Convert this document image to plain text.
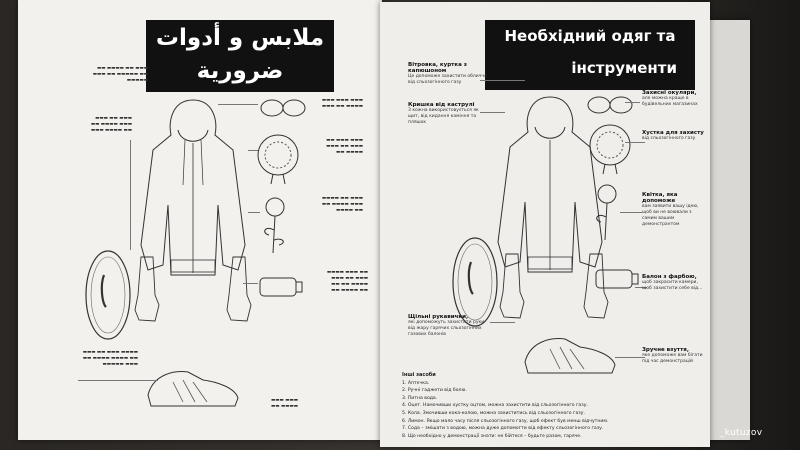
ملابس و أدوات
ضرورية
▬▬▬ ▬▬ ▬▬▬▬ ▬▬
▬▬ ▬▬▬▬▬ ▬▬ ▬▬▬
▬▬▬▬▬
▬▬▬ ▬▬ ▬▬▬
▬▬▬ ▬▬▬▬ ▬▬
▬▬ ▬▬▬▬ ▬▬▬
▬▬▬ ▬▬▬ ▬▬▬
▬▬▬▬ ▬▬ ▬▬▬
▬▬▬ ▬▬▬ ▬▬
▬▬▬ ▬▬ ▬▬▬
▬▬▬▬ ▬▬
▬▬▬ ▬▬ ▬▬▬▬
▬▬▬ ▬▬▬▬ ▬▬
▬▬ ▬▬▬▬
▬▬ ▬▬▬ ▬▬▬▬
▬▬▬ ▬▬ ▬▬▬
▬▬▬▬ ▬▬ ▬▬
▬▬ ▬▬▬▬ ▬▬
▬▬▬▬ ▬▬▬ ▬▬ ▬▬▬
▬▬ ▬▬▬▬ ▬▬▬▬ ▬▬
▬▬▬ ▬▬▬▬▬
▬▬▬ ▬▬▬
▬▬▬▬ ▬▬
Необхідний одяг та
інструменти
Вітровка, куртка з капюшоном
Це допоможе захистити обличчя від сльозогінного газу
Кришка від каструлі
З кожна використовується як щит, від кидання каміння та пляшок
Захисні окуляри,
але можна краще в будівельних магазинах
Хустка для захисту
від сльозогінного газу
Квітка, яка допоможе
вам заявити вашу ідею, щоб ви не воювали з самим вашим демонстрантом
Балон з фарбою,
щоб закрасити камери, щоб захистити себе від...
Щільні рукавички,
які допоможуть захистити руки від жару гарячих сльозогінних газових балонів
Зручне взуття,
яке допоможе вам бігати під час демонстрацій
Інші засоби
1. Аптечка.
2. Ручні гаджети від болю.
3. Питна вода.
4. Оцет. Намочивши хустку оцтом, можна захистити від сльозогінного газу.
5. Кола. Змочивши кока-колою, можна захиститись від сльозогінного газу.
6. Лимон. Якщо мало часу після сльозогінного газу, щоб ефект був менш відчутним.
7. Сода – змішати з водою, можна дуже допомогти від ефекту сльозогінного газу.
8. Що необхідно у демонстрації знати: не бійтеся – будьте разом, гаряче.	_kutuzov
